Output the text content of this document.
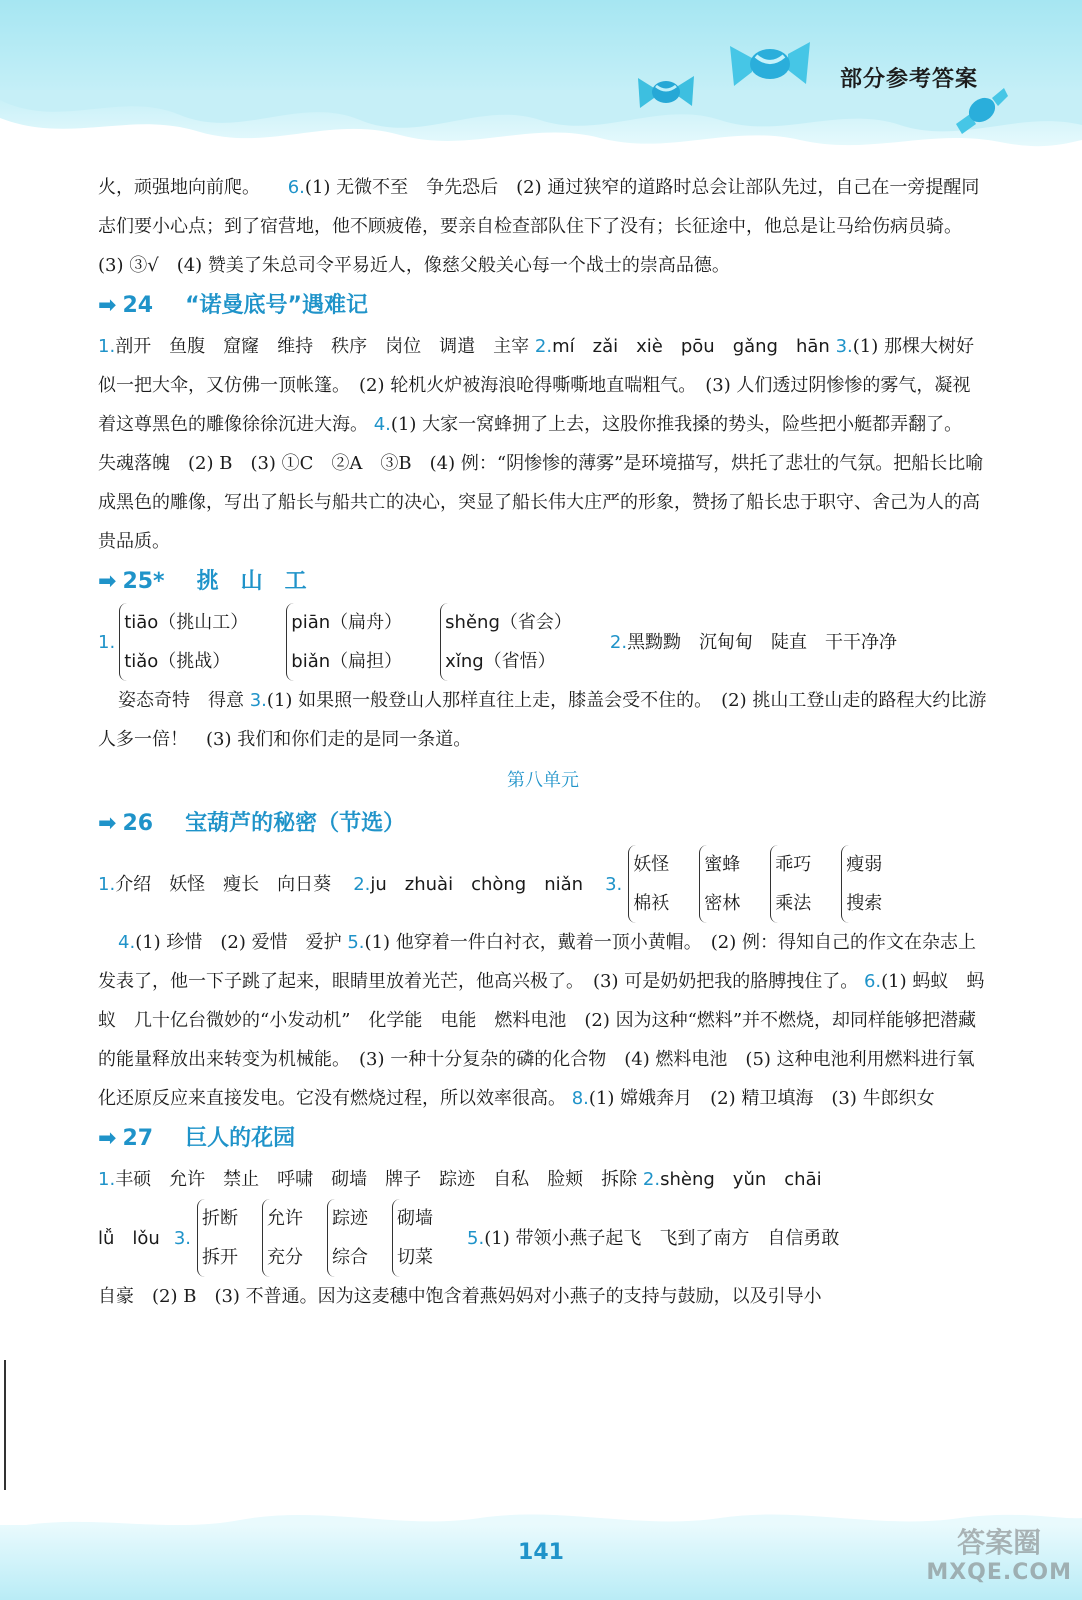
部分参考答案

火，顽强地向前爬。 6.(1) 无微不至　争先恐后　(2) 通过狭窄的道路时总会让部队先过，自己在一旁提醒同志们要小心点；到了宿营地，他不顾疲倦，要亲自检查部队住下了没有；长征途中，他总是让马给伤病员骑。　(3) ③√　(4) 赞美了朱总司令平易近人，像慈父般关心每一个战士的崇高品德。

➡ 24 “诺曼底号”遇难记

1.剖开　鱼腹　窟窿　维持　秩序　岗位　调遣　主宰 2.mí　zǎi　xiè　pōu　gǎng　hān 3.(1) 那棵大树好似一把大伞，又仿佛一顶帐篷。　(2) 轮机火炉被海浪呛得嘶嘶地直喘粗气。　(3) 人们透过阴惨惨的雾气，凝视着这尊黑色的雕像徐徐沉进大海。 4.(1) 大家一窝蜂拥了上去，这股你推我搡的势头，险些把小艇都弄翻了。　失魂落魄　(2) B　(3) ①C　②A　③B　(4) 例：“阴惨惨的薄雾”是环境描写，烘托了悲壮的气氛。把船长比喻成黑色的雕像，写出了船长与船共亡的决心，突显了船长伟大庄严的形象，赞扬了船长忠于职守、舍己为人的高贵品质。

➡ 25* 挑　山　工
1.
tiāo（挑山工）
tiǎo（挑战）
piān（扁舟）
biǎn（扁担）
shěng（省会）
xǐng（省悟）
2. 黑黝黝　沉甸甸　陡直　干干净净

姿态奇特　得意 3.(1) 如果照一般登山人那样直往上走，膝盖会受不住的。　(2) 挑山工登山走的路程大约比游人多一倍！　(3) 我们和你们走的是同一条道。

第八单元
➡ 26 宝葫芦的秘密（节选）
1. 介绍　妖怪　瘦长　向日葵 2. ju　zhuài　chòng　niǎn 3.
妖怪
棉袄
蜜蜂
密林
乖巧
乘法
瘦弱
搜索

4.(1) 珍惜　(2) 爱惜　爱护 5.(1) 他穿着一件白衬衣，戴着一顶小黄帽。　(2) 例：得知自己的作文在杂志上发表了，他一下子跳了起来，眼睛里放着光芒，他高兴极了。　(3) 可是奶奶把我的胳膊拽住了。 6.(1) 蚂蚁　蚂蚁　几十亿台微妙的“小发动机”　化学能　电能　燃料电池　(2) 因为这种“燃料”并不燃烧，却同样能够把潜藏的能量释放出来转变为机械能。　(3) 一种十分复杂的磷的化合物　(4) 燃料电池　(5) 这种电池利用燃料进行氧化还原反应来直接发电。它没有燃烧过程，所以效率很高。 8.(1) 嫦娥奔月　(2) 精卫填海　(3) 牛郎织女

➡ 27 巨人的花园

1.丰硕　允许　禁止　呼啸　砌墙　牌子　踪迹　自私　脸颊　拆除 2.shèng　yǔn　chāi

lǚ　lǒu 3.
折断
拆开
允许
充分
踪迹
综合
砌墙
切菜
5. (1) 带领小燕子起飞　飞到了南方　自信勇敢

自豪　(2) B　(3) 不普通。因为这麦穗中饱含着燕妈妈对小燕子的支持与鼓励，以及引导小

141	答案圈
MXQE.COM
